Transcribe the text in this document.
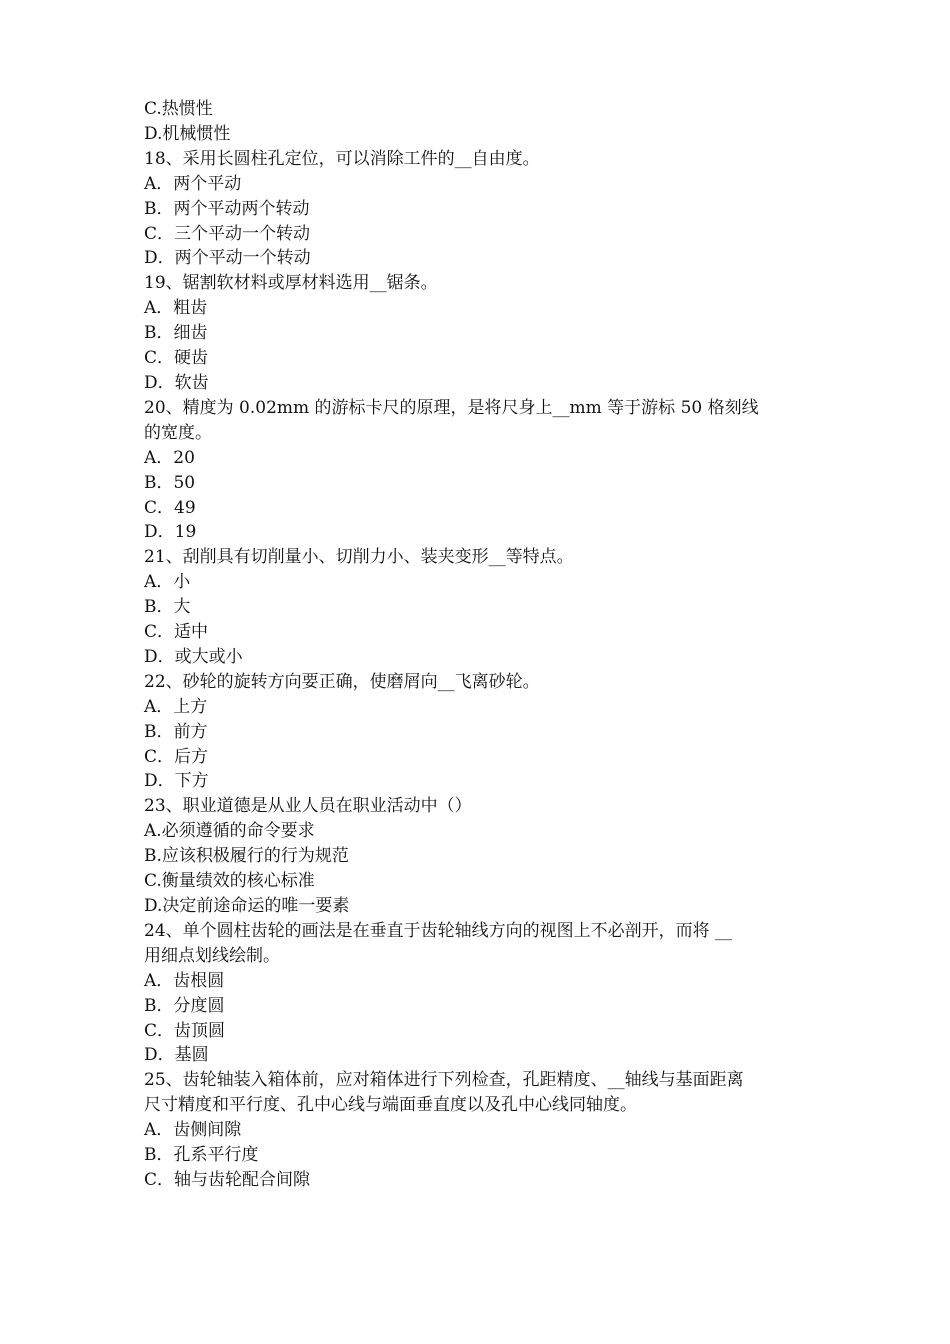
C.热惯性
D.机械惯性
18、采用长圆柱孔定位，可以消除工件的__自由度。
A．两个平动
B．两个平动两个转动
C．三个平动一个转动
D．两个平动一个转动
19、锯割软材料或厚材料选用__锯条。
A．粗齿
B．细齿
C．硬齿
D．软齿
20、精度为 0.02mm 的游标卡尺的原理，是将尺身上__mm 等于游标 50 格刻线
的宽度。
A．20
B．50
C．49
D．19
21、刮削具有切削量小、切削力小、装夹变形__等特点。
A．小
B．大
C．适中
D．或大或小
22、砂轮的旋转方向要正确，使磨屑向__飞离砂轮。
A．上方
B．前方
C．后方
D．下方
23、职业道德是从业人员在职业活动中（）
A.必须遵循的命令要求
B.应该积极履行的行为规范
C.衡量绩效的核心标准
D.决定前途命运的唯一要素
24、单个圆柱齿轮的画法是在垂直于齿轮轴线方向的视图上不必剖开，而将 __
用细点划线绘制。
A．齿根圆
B．分度圆
C．齿顶圆
D．基圆
25、齿轮轴装入箱体前，应对箱体进行下列检查，孔距精度、__轴线与基面距离
尺寸精度和平行度、孔中心线与端面垂直度以及孔中心线同轴度。
A．齿侧间隙
B．孔系平行度
C．轴与齿轮配合间隙
